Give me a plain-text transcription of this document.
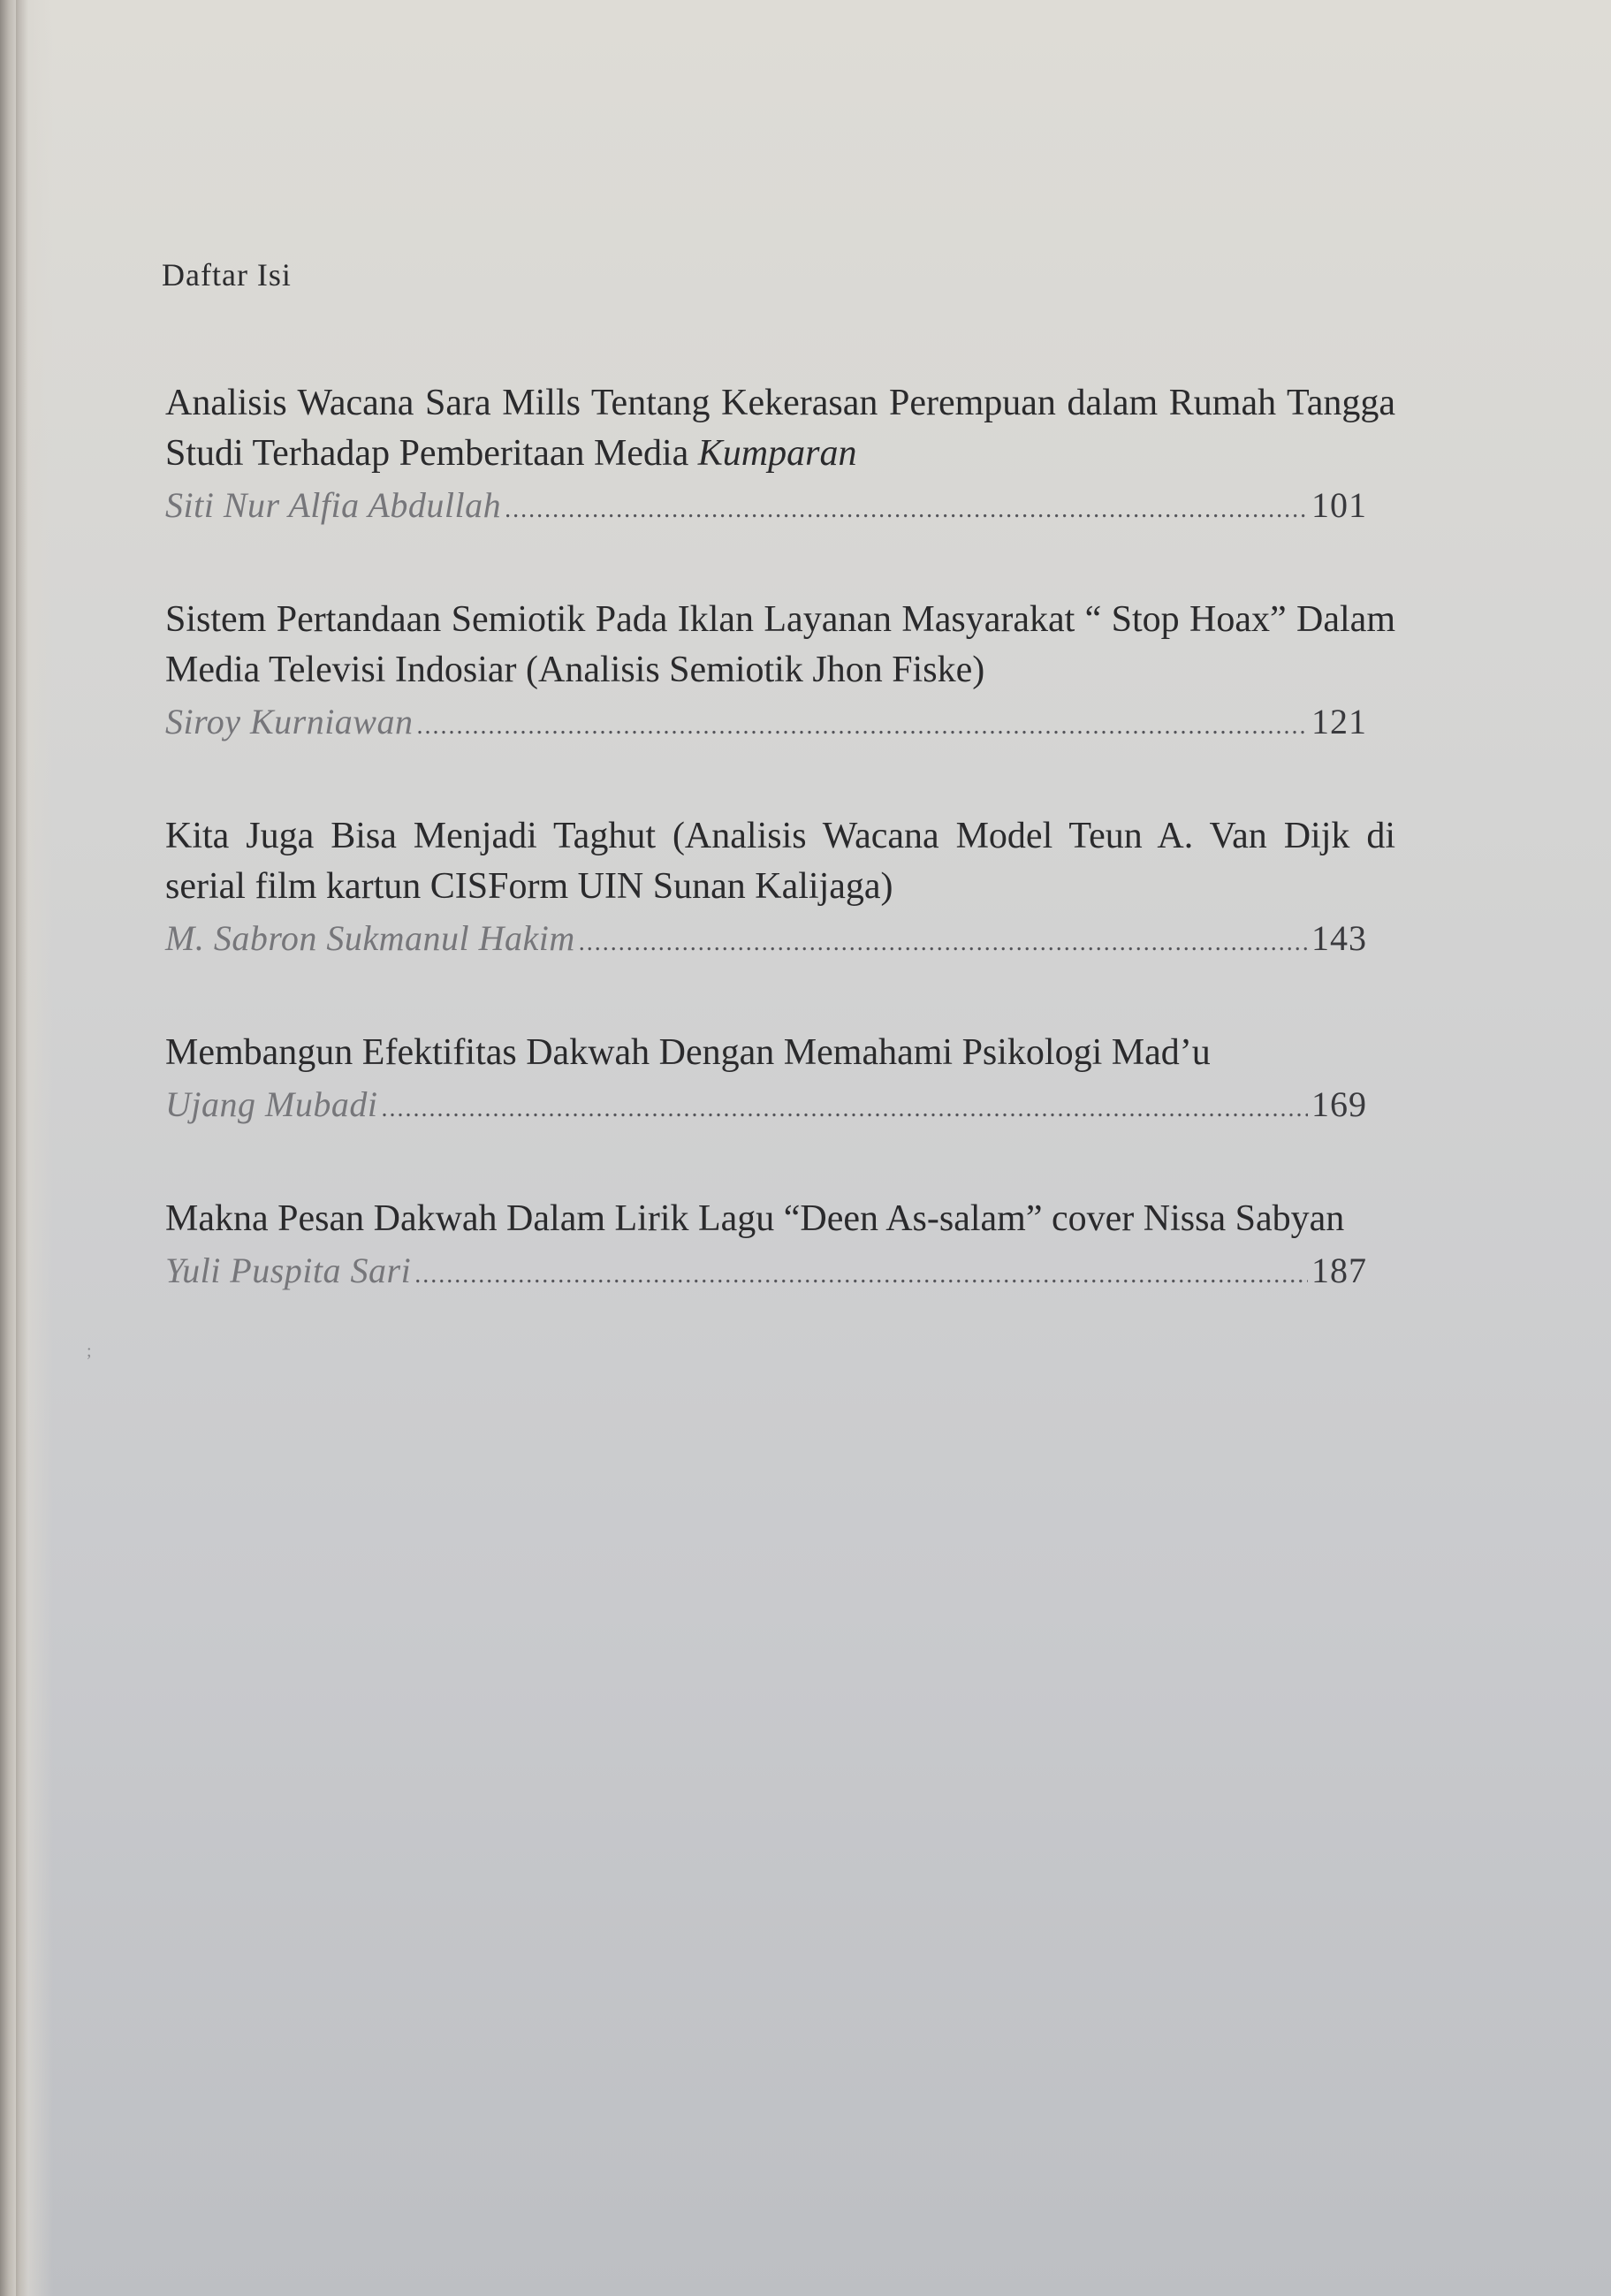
Daftar Isi
Analisis Wacana Sara Mills Tentang Kekerasan Perempuan dalam Rumah Tangga Studi Terhadap Pemberitaan Media Kumparan
Siti Nur Alfia Abdullah .....	101
Sistem Pertandaan Semiotik Pada Iklan Layanan Masyarakat “ Stop Hoax” Dalam Media Televisi Indosiar (Analisis Semiotik Jhon Fiske)
Siroy Kurniawan .....	121
Kita Juga Bisa Menjadi Taghut (Analisis Wacana Model Teun A. Van Dijk di serial film kartun CISForm UIN Sunan Kalijaga)
M. Sabron Sukmanul Hakim .....	143
Membangun Efektifitas Dakwah Dengan Memahami Psikologi Mad’u
Ujang Mubadi .....	169
Makna Pesan Dakwah Dalam Lirik Lagu “Deen As-salam” cover Nissa Sabyan
Yuli Puspita Sari .....	187
;
